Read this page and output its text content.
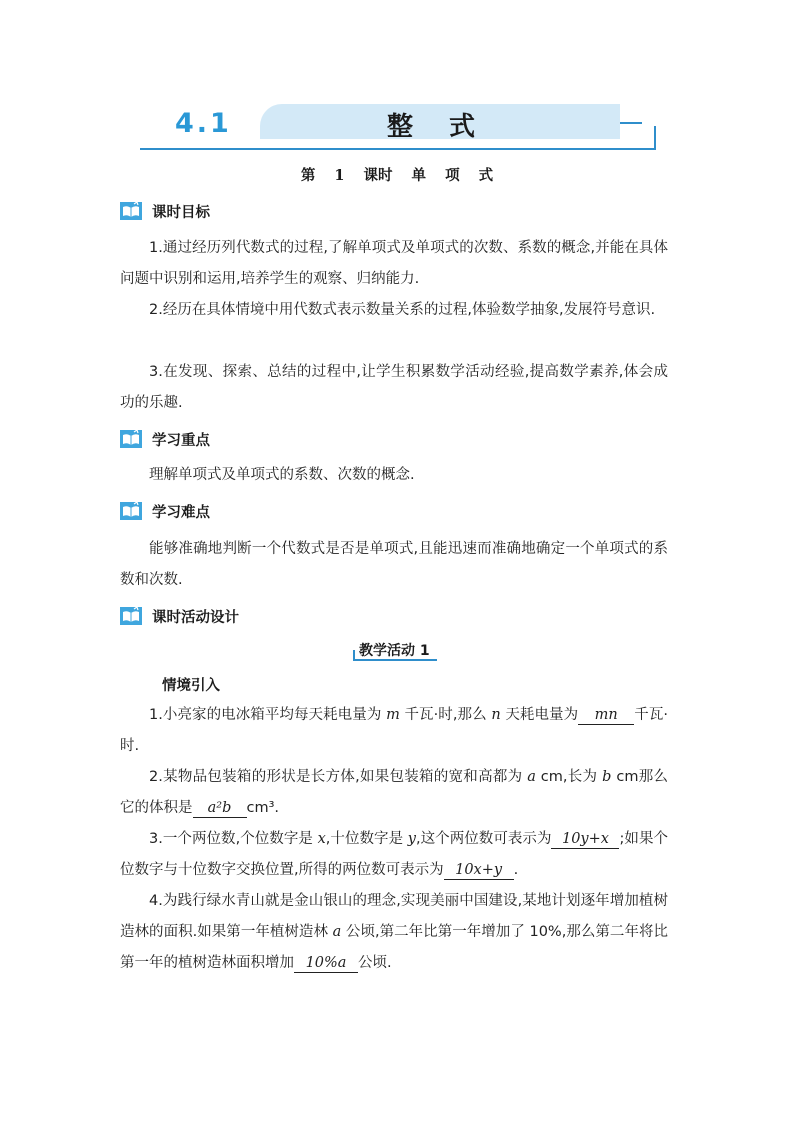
4.1	整式
第 1 课时 单 项 式
课时目标
1.通过经历列代数式的过程,了解单项式及单项式的次数、系数的概念,并能在具体问题中识别和运用,培养学生的观察、归纳能力.
2.经历在具体情境中用代数式表示数量关系的过程,体验数学抽象,发展符号意识.
3.在发现、探索、总结的过程中,让学生积累数学活动经验,提高数学素养,体会成功的乐趣.
学习重点
理解单项式及单项式的系数、次数的概念.
学习难点
能够准确地判断一个代数式是否是单项式,且能迅速而准确地确定一个单项式的系数和次数.
课时活动设计
教学活动 1
情境引入
1.小亮家的电冰箱平均每天耗电量为 m 千瓦·时,那么 n 天耗电量为 mn 千瓦·时.
2.某物品包装箱的形状是长方体,如果包装箱的宽和高都为 a cm,长为 b cm那么它的体积是 a²b cm³.
3.一个两位数,个位数字是 x,十位数字是 y,这个两位数可表示为 10y+x ;如果个位数字与十位数字交换位置,所得的两位数可表示为 10x+y .
4.为践行绿水青山就是金山银山的理念,实现美丽中国建设,某地计划逐年增加植树造林的面积.如果第一年植树造林 a 公顷,第二年比第一年增加了 10%,那么第二年将比第一年的植树造林面积增加 10%a 公顷.
